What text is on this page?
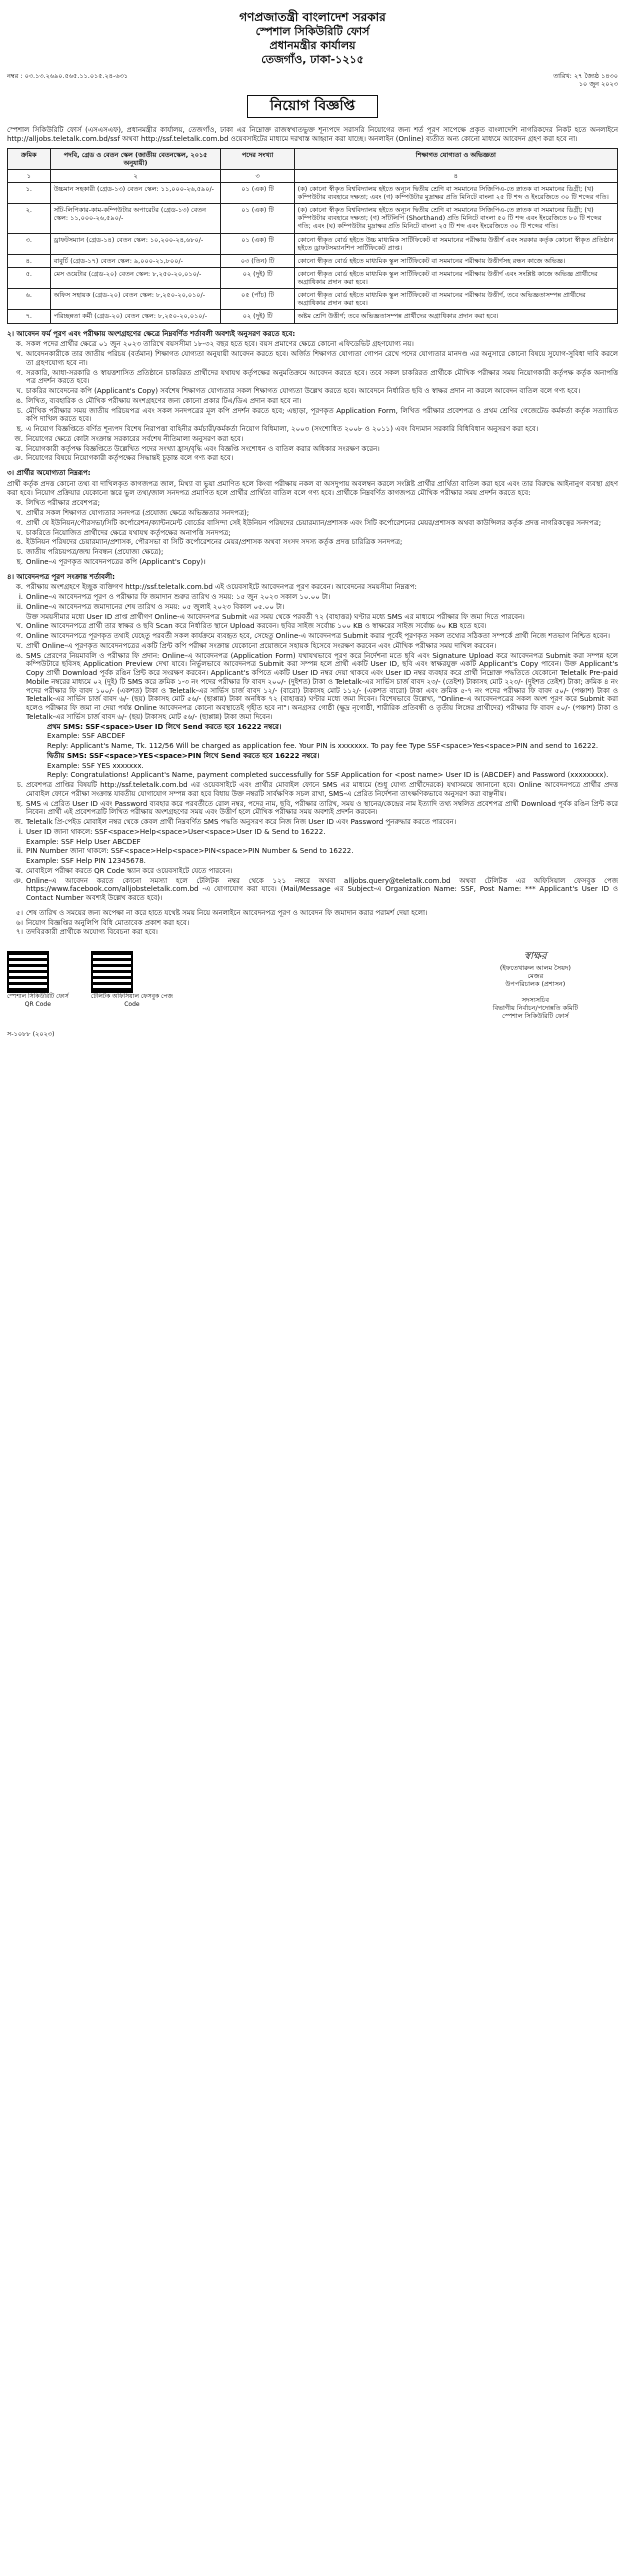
গণপ্রজাতন্ত্রী বাংলাদেশ সরকার
স্পেশাল সিকিউরিটি ফোর্স
প্রধানমন্ত্রীর কার্যালয়
তেজগাঁও, ঢাকা-১২১৫
নম্বর : ০৩.১৩.২৬৯০.৫৬৫.১১.০১৫.২৪-৬৩১	তারিখ: ২৭ জ্যৈষ্ঠ ১৪৩০
১০ জুন ২০২৩
নিয়োগ বিজ্ঞপ্তি

স্পেশাল সিকিউরিটি ফোর্স (এসএসএফ), প্রধানমন্ত্রীর কার্যালয়, তেজগাঁও, ঢাকা এর নিম্নোক্ত রাজস্বখাতভুক্ত শূন্যপদে সরাসরি নিয়োগের জন্য শর্ত পূরণ সাপেক্ষে প্রকৃত বাংলাদেশি নাগরিকদের নিকট হতে অনলাইনে http://alljobs.teletalk.com.bd/ssf অথবা http://ssf.teletalk.com.bd ওয়েবসাইটের মাধ্যমে দরখাস্ত আহ্বান করা যাচ্ছে। অনলাইন (Online) ব্যতীত অন্য কোনো মাধ্যমে আবেদন গ্রহণ করা হবে না।

ক্রমিক	পদবি, গ্রেড ও বেতন স্কেল (জাতীয় বেতনস্কেল, ২০১৫ অনুযায়ী)	পদের সংখ্যা	শিক্ষাগত যোগ্যতা ও অভিজ্ঞতা
১	২	৩	৪
১.	উচ্চমান সহকারী (গ্রেড-১৩) বেতন স্কেল: ১১,০০০-২৬,৫৯০/-	০১ (এক) টি	(ক) কোনো স্বীকৃত বিশ্ববিদ্যালয় হইতে অন্যূন দ্বিতীয় শ্রেণি বা সমমানের সিজিপিএ-তে স্নাতক বা সমমানের ডিগ্রী; (খ) কম্পিউটার ব্যবহারে দক্ষতা; এবং (গ) কম্পিউটার মুদ্রাক্ষর প্রতি মিনিটে বাংলা ২৫ টি শব্দ ও ইংরেজিতে ৩০ টি শব্দের গতি।
২.	সাঁট-লিপিকার-কাম-কম্পিউটার অপারেটর (গ্রেড-১৩) বেতন স্কেল: ১১,০০০-২৬,৫৯০/-	০১ (এক) টি	(ক) কোনো স্বীকৃত বিশ্ববিদ্যালয় হইতে অন্যূন দ্বিতীয় শ্রেণি বা সমমানের সিজিপিএ-তে স্নাতক বা সমমানের ডিগ্রী; (খ) কম্পিউটার ব্যবহারে দক্ষতা; (গ) সাঁটলিপি (Shorthand) প্রতি মিনিটে বাংলা ৫০ টি শব্দ এবং ইংরেজিতে ৮০ টি শব্দের গতি; এবং (ঘ) কম্পিউটার মুদ্রাক্ষর প্রতি মিনিটে বাংলা ২৫ টি শব্দ এবং ইংরেজিতে ৩০ টি শব্দের গতি।
৩.	ড্রাফটসম্যান (গ্রেড-১৪) বেতন স্কেল: ১০,২০০-২৪,৬৮০/-	০১ (এক) টি	কোনো স্বীকৃত বোর্ড হইতে উচ্চ মাধ্যমিক সার্টিফিকেট বা সমমানের পরীক্ষায় উত্তীর্ণ এবং সরকার কর্তৃক কোনো স্বীকৃত প্রতিষ্ঠান হইতে ড্রাফটসম্যানশিপ সার্টিফিকেট প্রাপ্ত।
৪.	বাবুর্চি (গ্রেড-১৭) বেতন স্কেল: ৯,০০০-২১,৮০০/-	০৩ (তিন) টি	কোনো স্বীকৃত বোর্ড হইতে মাধ্যমিক স্কুল সার্টিফিকেট বা সমমানের পরীক্ষায় উত্তীর্ণসহ রন্ধন কাজে অভিজ্ঞ।
৫.	মেস ওয়েটার (গ্রেড-২০) বেতন স্কেল: ৮,২৫০-২০,০১০/-	০২ (দুই) টি	কোনো স্বীকৃত বোর্ড হইতে মাধ্যমিক স্কুল সার্টিফিকেট বা সমমানের পরীক্ষায় উত্তীর্ণ এবং সংশ্লিষ্ট কাজে অভিজ্ঞ প্রার্থীদের অগ্রাধিকার প্রদান করা হবে।
৬.	অফিস সহায়ক (গ্রেড-২০) বেতন স্কেল: ৮,২৫০-২০,০১০/-	০৫ (পাঁচ) টি	কোনো স্বীকৃত বোর্ড হইতে মাধ্যমিক স্কুল সার্টিফিকেট বা সমমানের পরীক্ষায় উত্তীর্ণ, তবে অভিজ্ঞতাসম্পন্ন প্রার্থীদের অগ্রাধিকার প্রদান করা হবে।
৭.	পরিচ্ছন্নতা কর্মী (গ্রেড-২০) বেতন স্কেল: ৮,২৫০-২০,০১০/-	০২ (দুই) টি	অষ্টম শ্রেণি উত্তীর্ণ; তবে অভিজ্ঞতাসম্পন্ন প্রার্থীদের অগ্রাধিকার প্রদান করা হবে।
২। আবেদন ফর্ম পূরণ এবং পরীক্ষায় অংশগ্রহণের ক্ষেত্রে নিম্নবর্ণিত শর্তাবলী অবশ্যই অনুসরণ করতে হবে:
ক. সকল পদের প্রার্থীর ক্ষেত্রে ০১ জুন ২০২৩ তারিখে বয়সসীমা ১৮-৩২ বছর হতে হবে। বয়স প্রমাণের ক্ষেত্রে কোনো এফিডেভিট গ্রহণযোগ্য নয়।
খ. আবেদনকারীকে তার জাতীয় পরিচয় (বর্তমান) শিক্ষাগত যোগ্যতা অনুযায়ী আবেদন করতে হবে। অর্জিত শিক্ষাগত যোগ্যতা গোপন রেখে পদের যোগ্যতার মানদণ্ড এর অনুসারে কোনো বিষয়ে সুযোগ-সুবিধা দাবি করলে তা গ্রহণযোগ্য হবে না।
গ. সরকারি, আধা-সরকারি ও স্বায়ত্তশাসিত প্রতিষ্ঠানে চাকরিরত প্রার্থীদের যথাযথ কর্তৃপক্ষের অনুমতিক্রমে আবেদন করতে হবে। তবে সকল চাকরিরত প্রার্থীকে মৌখিক পরীক্ষার সময় নিয়োগকারী কর্তৃপক্ষ কর্তৃক অনাপত্তি পত্র প্রদর্শন করতে হবে।
ঘ. চাকরির আবেদনের কপি (Applicant's Copy) সর্বশেষ শিক্ষাগত যোগ্যতার সকল শিক্ষাগত যোগ্যতা উল্লেখ করতে হবে। আবেদনে নির্ধারিত ছবি ও স্বাক্ষর প্রদান না করলে আবেদন বাতিল বলে গণ্য হবে।
ঙ. লিখিত, ব্যবহারিক ও মৌখিক পরীক্ষায় অংশগ্রহণের জন্য কোনো প্রকার টিএ/ডিএ প্রদান করা হবে না।
চ. মৌখিক পরীক্ষার সময় জাতীয় পরিচয়পত্র এবং সকল সনদপত্রের মূল কপি প্রদর্শন করতে হবে; এছাড়া, পূরণকৃত Application Form, লিখিত পরীক্ষার প্রবেশপত্র ও প্রথম শ্রেণির গেজেটেড কর্মকর্তা কর্তৃক সত্যায়িত কপি দাখিল করতে হবে।
ছ. এ নিয়োগ বিজ্ঞপ্তিতে বর্ণিত শূন্যপদ বিশেষ নিরাপত্তা বাহিনীর কর্মচারী/কর্মকর্তা নিয়োগ বিধিমালা, ২০০৩ (সংশোধিত ২০০৮ ও ২০১১) এবং বিদ্যমান সরকারি বিধিবিধান অনুসরণ করা হবে।
জ. নিয়োগের ক্ষেত্রে কোটা সংক্রান্ত সরকারের সর্বশেষ নীতিমালা অনুসরণ করা হবে।
ঝ. নিয়োগকারী কর্তৃপক্ষ বিজ্ঞপ্তিতে উল্লেখিত পদের সংখ্যা হ্রাস/বৃদ্ধি এবং বিজ্ঞপ্তি সংশোধন ও বাতিল করার অধিকার সংরক্ষণ করেন।
ঞ. নিয়োগের বিষয়ে নিয়োগকারী কর্তৃপক্ষের সিদ্ধান্তই চূড়ান্ত বলে গণ্য করা হবে।
৩। প্রার্থীর অযোগ্যতা নিম্নরূপ:

প্রার্থী কর্তৃক প্রদত্ত কোনো তথ্য বা দাখিলকৃত কাগজপত্র জাল, মিথ্যা বা ভুয়া প্রমাণিত হলে কিংবা পরীক্ষায় নকল বা অসদুপায় অবলম্বন করলে সংশ্লিষ্ট প্রার্থীর প্রার্থিতা বাতিল করা হবে এবং তার বিরুদ্ধে আইনানুগ ব্যবস্থা গ্রহণ করা হবে। নিয়োগ প্রক্রিয়ার যেকোনো স্তরে ভুল তথ্য/জাল সনদপত্র প্রমাণিত হলে প্রার্থীর প্রার্থিতা বাতিল বলে গণ্য হবে। প্রার্থীকে নিম্নবর্ণিত কাগজপত্র মৌখিক পরীক্ষার সময় প্রদর্শন করতে হবে:

ক. লিখিত পরীক্ষার প্রবেশপত্র;
খ. প্রার্থীর সকল শিক্ষাগত যোগ্যতার সনদপত্র (প্রযোজ্য ক্ষেত্রে অভিজ্ঞতার সনদপত্র);
গ. প্রার্থী যে ইউনিয়ন/পৌরসভা/সিটি কর্পোরেশন/ক্যান্টনমেন্ট বোর্ডের বাসিন্দা সেই ইউনিয়ন পরিষদের চেয়ারম্যান/প্রশাসক এবং সিটি কর্পোরেশনের মেয়র/প্রশাসক অথবা কাউন্সিলর কর্তৃক প্রদত্ত নাগরিকত্বের সনদপত্র;
ঘ. চাকরিতে নিয়োজিত প্রার্থীদের ক্ষেত্রে যথাযথ কর্তৃপক্ষের অনাপত্তি সনদপত্র;
ঙ. ইউনিয়ন পরিষদের চেয়ারম্যান/প্রশাসক, পৌরসভা বা সিটি কর্পোরেশনের মেয়র/প্রশাসক অথবা সংসদ সদস্য কর্তৃক প্রদত্ত চারিত্রিক সনদপত্র;
চ. জাতীয় পরিচয়পত্র/জন্ম নিবন্ধন (প্রযোজ্য ক্ষেত্রে);
ছ. Online-এ পূরণকৃত আবেদনপত্রের কপি (Applicant's Copy)।
৪। আবেদনপত্র পূরণ সংক্রান্ত শর্তাবলী:
ক. পরীক্ষায় অংশগ্রহণে ইচ্ছুক ব্যক্তিগণ http://ssf.teletalk.com.bd এই ওয়েবসাইটে আবেদনপত্র পূরণ করবেন। আবেদনের সময়সীমা নিম্নরূপ:
i. Online-এ আবেদনপত্র পূরণ ও পরীক্ষার ফি জমাদান শুরুর তারিখ ও সময়: ১৫ জুন ২০২৩ সকাল ১০.০০ টা।
ii. Online-এ আবেদনপত্র জমাদানের শেষ তারিখ ও সময়: ০৫ জুলাই ২০২৩ বিকাল ০৫.০০ টা।
উক্ত সময়সীমার মধ্যে User ID প্রাপ্ত প্রার্থীগণ Online-এ আবেদনপত্র Submit এর সময় থেকে পরবর্তী ৭২ (বাহাত্তর) ঘণ্টার মধ্যে SMS এর মাধ্যমে পরীক্ষার ফি জমা দিতে পারবেন।
খ. Online আবেদনপত্রে প্রার্থী তার স্বাক্ষর ও ছবি Scan করে নির্ধারিত স্থানে Upload করবেন। ছবির সাইজ সর্বোচ্চ ১০০ KB ও স্বাক্ষরের সাইজ সর্বোচ্চ ৬০ KB হতে হবে।
গ. Online আবেদনপত্রে পূরণকৃত তথ্যই যেহেতু পরবর্তী সকল কার্যক্রমে ব্যবহৃত হবে, সেহেতু Online-এ আবেদনপত্র Submit করার পূর্বেই পূরণকৃত সকল তথ্যের সঠিকতা সম্পর্কে প্রার্থী নিজে শতভাগ নিশ্চিত হবেন।
ঘ. প্রার্থী Online-এ পূরণকৃত আবেদনপত্রের একটি প্রিন্ট কপি পরীক্ষা সংক্রান্ত যেকোনো প্রয়োজনে সহায়ক হিসেবে সংরক্ষণ করবেন এবং মৌখিক পরীক্ষার সময় দাখিল করবেন।
ঙ. SMS প্রেরণের নিয়মাবলি ও পরীক্ষার ফি প্রদান: Online-এ আবেদনপত্র (Application Form) যথাযথভাবে পূরণ করে নির্দেশনা মতে ছবি এবং Signature Upload করে আবেদনপত্র Submit করা সম্পন্ন হলে কম্পিউটারে ছবিসহ Application Preview দেখা যাবে। নির্ভুলভাবে আবেদনপত্র Submit করা সম্পন্ন হলে প্রার্থী একটি User ID, ছবি এবং স্বাক্ষরযুক্ত একটি Applicant's Copy পাবেন। উক্ত Applicant's Copy প্রার্থী Download পূর্বক রঙিন প্রিন্ট করে সংরক্ষণ করবেন। Applicant's কপিতে একটি User ID নম্বর দেয়া থাকবে এবং User ID নম্বর ব্যবহার করে প্রার্থী নিম্নোক্ত পদ্ধতিতে যেকোনো Teletalk Pre-paid Mobile নম্বরের মাধ্যমে ০২ (দুই) টি SMS করে ক্রমিক ১-৩ নং পদের পরীক্ষার ফি বাবদ ২০০/- (দুইশত) টাকা ও Teletalk-এর সার্ভিস চার্জ বাবদ ২৩/- (তেইশ) টাকাসহ মোট ২২৩/- (দুইশত তেইশ) টাকা; ক্রমিক ৪ নং পদের পরীক্ষার ফি বাবদ ১০০/- (একশত) টাকা ও Teletalk-এর সার্ভিস চার্জ বাবদ ১২/- (বারো) টাকাসহ মোট ১১২/- (একশত বারো) টাকা এবং ক্রমিক ৫-৭ নং পদের পরীক্ষার ফি বাবদ ৫০/- (পঞ্চাশ) টাকা ও Teletalk-এর সার্ভিস চার্জ বাবদ ৬/- (ছয়) টাকাসহ মোট ৫৬/- (ছাপ্পান্ন) টাকা অনধিক ৭২ (বাহাত্তর) ঘণ্টার মধ্যে জমা দিবেন। বিশেষভাবে উল্লেখ্য, "Online-এ আবেদনপত্রের সকল অংশ পূরণ করে Submit করা হলেও পরীক্ষার ফি জমা না দেয়া পর্যন্ত Online আবেদনপত্র কোনো অবস্থাতেই গৃহীত হবে না"। অনগ্রসর গোষ্ঠী (ক্ষুদ্র নৃগোষ্ঠী, শারীরিক প্রতিবন্ধী ও তৃতীয় লিঙ্গের প্রার্থীদের) পরীক্ষার ফি বাবদ ৫০/- (পঞ্চাশ) টাকা ও Teletalk-এর সার্ভিস চার্জ বাবদ ৬/- (ছয়) টাকাসহ মোট ৫৬/- (ছাপ্পান্ন) টাকা জমা দিবেন।
প্রথম SMS: SSF<space>User ID লিখে Send করতে হবে 16222 নম্বরে।
Example: SSF ABCDEF
Reply: Applicant's Name, Tk. 112/56 Will be charged as application fee. Your PIN is xxxxxxx. To pay fee Type SSF<space>Yes<space>PIN and send to 16222.
দ্বিতীয় SMS: SSF<space>YES<space>PIN লিখে Send করতে হবে 16222 নম্বরে।
Example: SSF YES xxxxxxx.
Reply: Congratulations! Applicant's Name, payment completed successfully for SSF Application for <post name> User ID is (ABCDEF) and Password (xxxxxxxx).
চ. প্রবেশপত্র প্রাপ্তির বিষয়টি http://ssf.teletalk.com.bd এর ওয়েবসাইটে এবং প্রার্থীর মোবাইল ফোনে SMS এর মাধ্যমে (শুধু যোগ্য প্রার্থীদেরকে) যথাসময়ে জানানো হবে। Online আবেদনপত্রে প্রার্থীর প্রদত্ত মোবাইল ফোনে পরীক্ষা সংক্রান্ত যাবতীয় যোগাযোগ সম্পন্ন করা হবে বিধায় উক্ত নম্বরটি সার্বক্ষণিক সচল রাখা, SMS-এ প্রেরিত নির্দেশনা তাৎক্ষণিকভাবে অনুসরণ করা বাঞ্ছনীয়।
ছ. SMS এ প্রেরিত User ID এবং Password ব্যবহার করে পরবর্তীতে রোল নম্বর, পদের নাম, ছবি, পরীক্ষার তারিখ, সময় ও স্থানের/কেন্দ্রের নাম ইত্যাদি তথ্য সম্বলিত প্রবেশপত্র প্রার্থী Download পূর্বক রঙিন প্রিন্ট করে নিবেন। প্রার্থী এই প্রবেশপত্রটি লিখিত পরীক্ষায় অংশগ্রহণের সময় এবং উত্তীর্ণ হলে মৌখিক পরীক্ষার সময় অবশ্যই প্রদর্শন করবেন।
জ. Teletalk প্রি-পেইড মোবাইল নম্বর থেকে কেবল প্রার্থী নিম্নবর্ণিত SMS পদ্ধতি অনুসরণ করে নিজ নিজ User ID এবং Password পুনরুদ্ধার করতে পারবেন।
i. User ID জানা থাকলে: SSF<space>Help<space>User<space>User ID & Send to 16222.
Example: SSF Help User ABCDEF
ii. PIN Number জানা থাকলে: SSF<space>Help<space>PIN<space>PIN Number & Send to 16222.
Example: SSF Help PIN 12345678.
ঝ. মোবাইলে পরীক্ষা করতে QR Code স্ক্যান করে ওয়েবসাইটে যেতে পারবেন।
ঞ. Online-এ আবেদন করতে কোনো সমস্যা হলে টেলিটক নম্বর থেকে ১২১ নম্বরে অথবা alljobs.query@teletalk.com.bd অথবা টেলিটক এর অফিসিয়াল ফেসবুক পেজ https://www.facebook.com/alljobsteletalk.com.bd -এ যোগাযোগ করা যাবে। (Mail/Message এর Subject-এ Organization Name: SSF, Post Name: *** Applicant's User ID ও Contact Number অবশ্যই উল্লেখ করতে হবে)।
৫। শেষ তারিখ ও সময়ের জন্য অপেক্ষা না করে হাতে যথেষ্ট সময় নিয়ে অনলাইনে আবেদনপত্র পূরণ ও আবেদন ফি জমাদান করার পরামর্শ দেয়া হলো।
৬। নিয়োগ বিজ্ঞপ্তির অনুলিপি বিধি মোতাবেক প্রকাশ করা হবে।
৭। তদবিরকারী প্রার্থীকে অযোগ্য বিবেচনা করা হবে।
স্পেশাল সিকিউরিটি ফোর্স
QR Code

টেলিটক অফিসিয়াল ফেসবুক পেজ
Code
স্বাক্ষর
(ইফতেখারুল আলম সৈয়দ)
মেজর
উপপরিচালক (প্রশাসন)
সদস্যসচিব
বিভাগীয় নির্বাচন/পদোন্নতি কমিটি
স্পেশাল সিকিউরিটি ফোর্স
স-১০৮৮ (২০২৩)
